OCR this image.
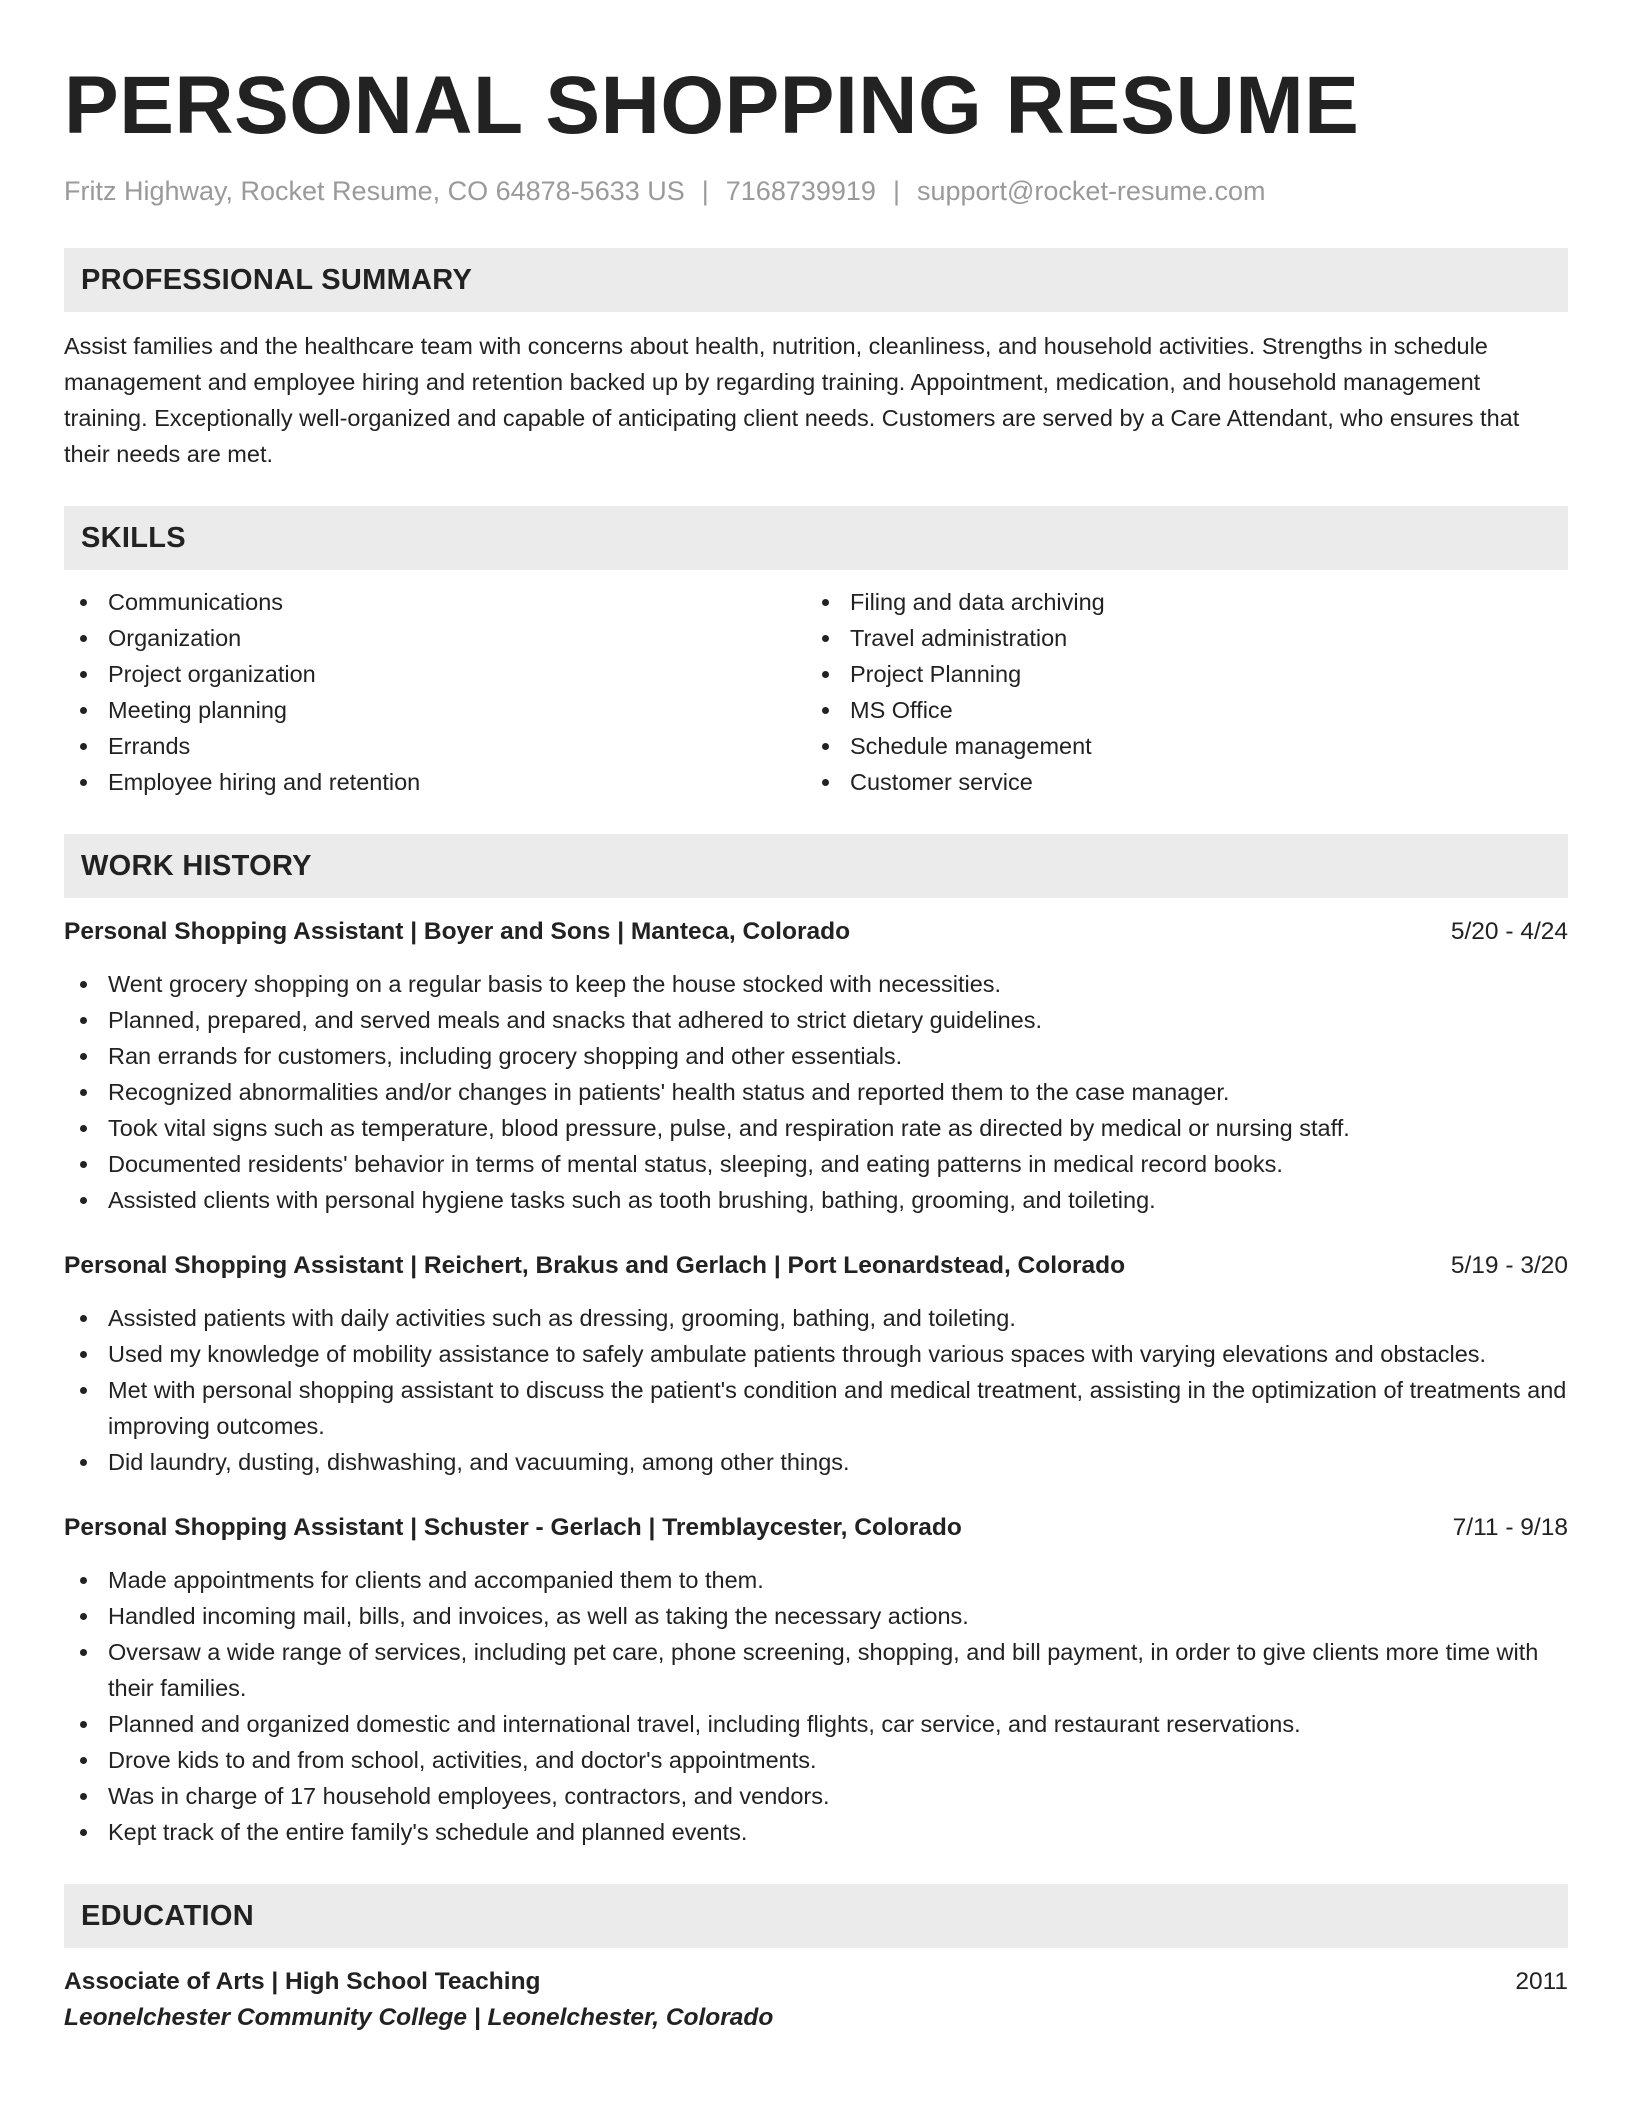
PERSONAL SHOPPING RESUME
Fritz Highway, Rocket Resume, CO 64878-5633 US | 7168739919 | support@rocket-resume.com
PROFESSIONAL SUMMARY
Assist families and the healthcare team with concerns about health, nutrition, cleanliness, and household activities. Strengths in schedule management and employee hiring and retention backed up by regarding training. Appointment, medication, and household management training. Exceptionally well-organized and capable of anticipating client needs. Customers are served by a Care Attendant, who ensures that their needs are met.
SKILLS
Communications
Organization
Project organization
Meeting planning
Errands
Employee hiring and retention
Filing and data archiving
Travel administration
Project Planning
MS Office
Schedule management
Customer service
WORK HISTORY
Personal Shopping Assistant | Boyer and Sons | Manteca, Colorado	5/20 - 4/24
Went grocery shopping on a regular basis to keep the house stocked with necessities.
Planned, prepared, and served meals and snacks that adhered to strict dietary guidelines.
Ran errands for customers, including grocery shopping and other essentials.
Recognized abnormalities and/or changes in patients' health status and reported them to the case manager.
Took vital signs such as temperature, blood pressure, pulse, and respiration rate as directed by medical or nursing staff.
Documented residents' behavior in terms of mental status, sleeping, and eating patterns in medical record books.
Assisted clients with personal hygiene tasks such as tooth brushing, bathing, grooming, and toileting.
Personal Shopping Assistant | Reichert, Brakus and Gerlach | Port Leonardstead, Colorado	5/19 - 3/20
Assisted patients with daily activities such as dressing, grooming, bathing, and toileting.
Used my knowledge of mobility assistance to safely ambulate patients through various spaces with varying elevations and obstacles.
Met with personal shopping assistant to discuss the patient's condition and medical treatment, assisting in the optimization of treatments and improving outcomes.
Did laundry, dusting, dishwashing, and vacuuming, among other things.
Personal Shopping Assistant | Schuster - Gerlach | Tremblaycester, Colorado	7/11 - 9/18
Made appointments for clients and accompanied them to them.
Handled incoming mail, bills, and invoices, as well as taking the necessary actions.
Oversaw a wide range of services, including pet care, phone screening, shopping, and bill payment, in order to give clients more time with their families.
Planned and organized domestic and international travel, including flights, car service, and restaurant reservations.
Drove kids to and from school, activities, and doctor's appointments.
Was in charge of 17 household employees, contractors, and vendors.
Kept track of the entire family's schedule and planned events.
EDUCATION
Associate of Arts | High School Teaching	2011
Leonelchester Community College | Leonelchester, Colorado
